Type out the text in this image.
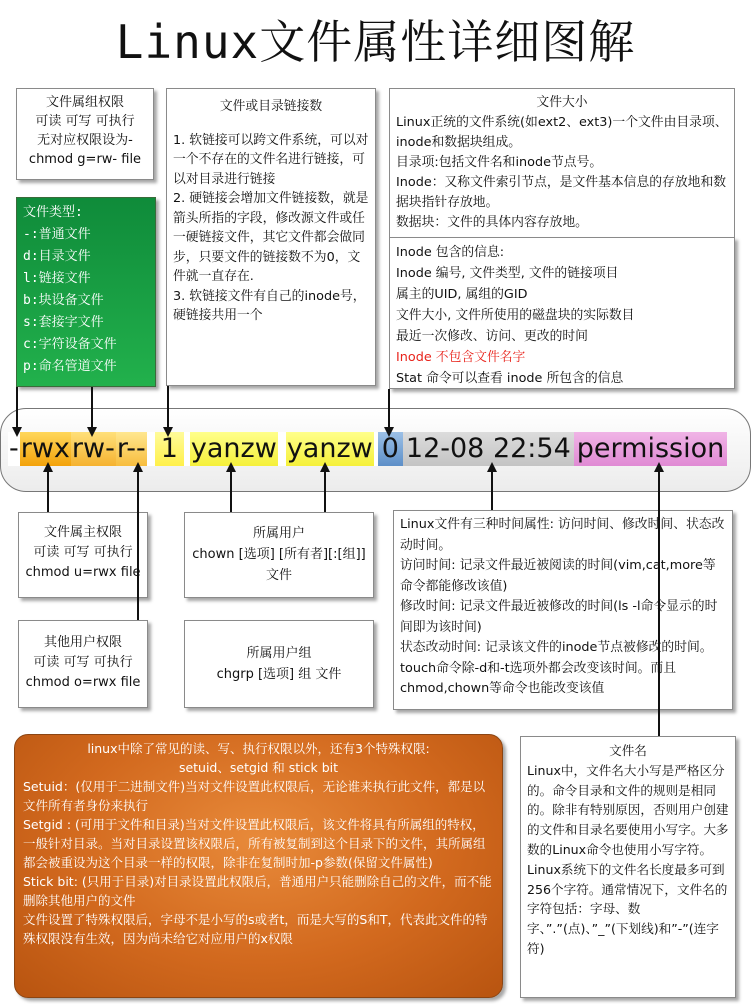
Linux文件属性详细图解
文件属组权限
可读 可写 可执行
无对应权限设为-
chmod g=rw- file
文件类型:
-:普通文件
d:目录文件
l:链接文件
b:块设备文件
s:套接字文件
c:字符设备文件
p:命名管道文件
文件或目录链接数
1. 软链接可以跨文件系统，可以对一个不存在的文件名进行链接，可以对目录进行链接
2. 硬链接会增加文件链接数，就是箭头所指的字段，修改源文件或任一硬链接文件，其它文件都会做同步，只要文件的链接数不为0，文件就一直存在.
3. 软链接文件有自己的inode号，硬链接共用一个
文件大小
Linux正统的文件系统(如ext2、ext3)一个文件由目录项、inode和数据块组成。
目录项:包括文件名和inode节点号。
Inode：又称文件索引节点，是文件基本信息的存放地和数据块指针存放地。
数据块：文件的具体内容存放地。
Inode 包含的信息:
Inode 编号, 文件类型, 文件的链接项目
属主的UID, 属组的GID
文件大小, 文件所使用的磁盘块的实际数目
最近一次修改、访问、更改的时间
Inode 不包含文件名字
Stat 命令可以查看 inode 所包含的信息
- rwx rw- r-- 1 yanzw yanzw 0 12-08 22:54 permission
文件属主权限
可读 可写 可执行
chmod u=rwx file
其他用户权限
可读 可写 可执行
chmod o=rwx file
所属用户
chown [选项] [所有者][:[组]] 文件
所属用户组
chgrp [选项] 组 文件
Linux文件有三种时间属性: 访问时间、修改时间、状态改动时间。
访问时间: 记录文件最近被阅读的时间(vim,cat,more等命令都能修改该值)
修改时间: 记录文件最近被修改的时间(ls -l命令显示的时间即为该时间)
状态改动时间: 记录该文件的inode节点被修改的时间。touch命令除-d和-t选项外都会改变该时间。而且chmod,chown等命令也能改变该值
linux中除了常见的读、写、执行权限以外，还有3个特殊权限:
setuid、setgid 和 stick bit
Setuid：(仅用于二进制文件)当对文件设置此权限后，无论谁来执行此文件，都是以文件所有者身份来执行
Setgid : (可用于文件和目录)当对文件设置此权限后，该文件将具有所属组的特权，一般针对目录。当对目录设置该权限后，所有被复制到这个目录下的文件，其所属组都会被重设为这个目录一样的权限，除非在复制时加-p参数(保留文件属性)
Stick bit: (只用于目录)对目录设置此权限后，普通用户只能删除自己的文件，而不能删除其他用户的文件
文件设置了特殊权限后，字母不是小写的s或者t，而是大写的S和T，代表此文件的特殊权限没有生效，因为尚未给它对应用户的x权限
文件名
Linux中，文件名大小写是严格区分的。命令目录和文件的规则是相同的。除非有特别原因，否则用户创建的文件和目录名要使用小写字。大多数的Linux命令也使用小写字符。Linux系统下的文件名长度最多可到256个字符。通常情况下，文件名的字符包括：字母、数字、”.”(点)、”_”(下划线)和”-”(连字符)
